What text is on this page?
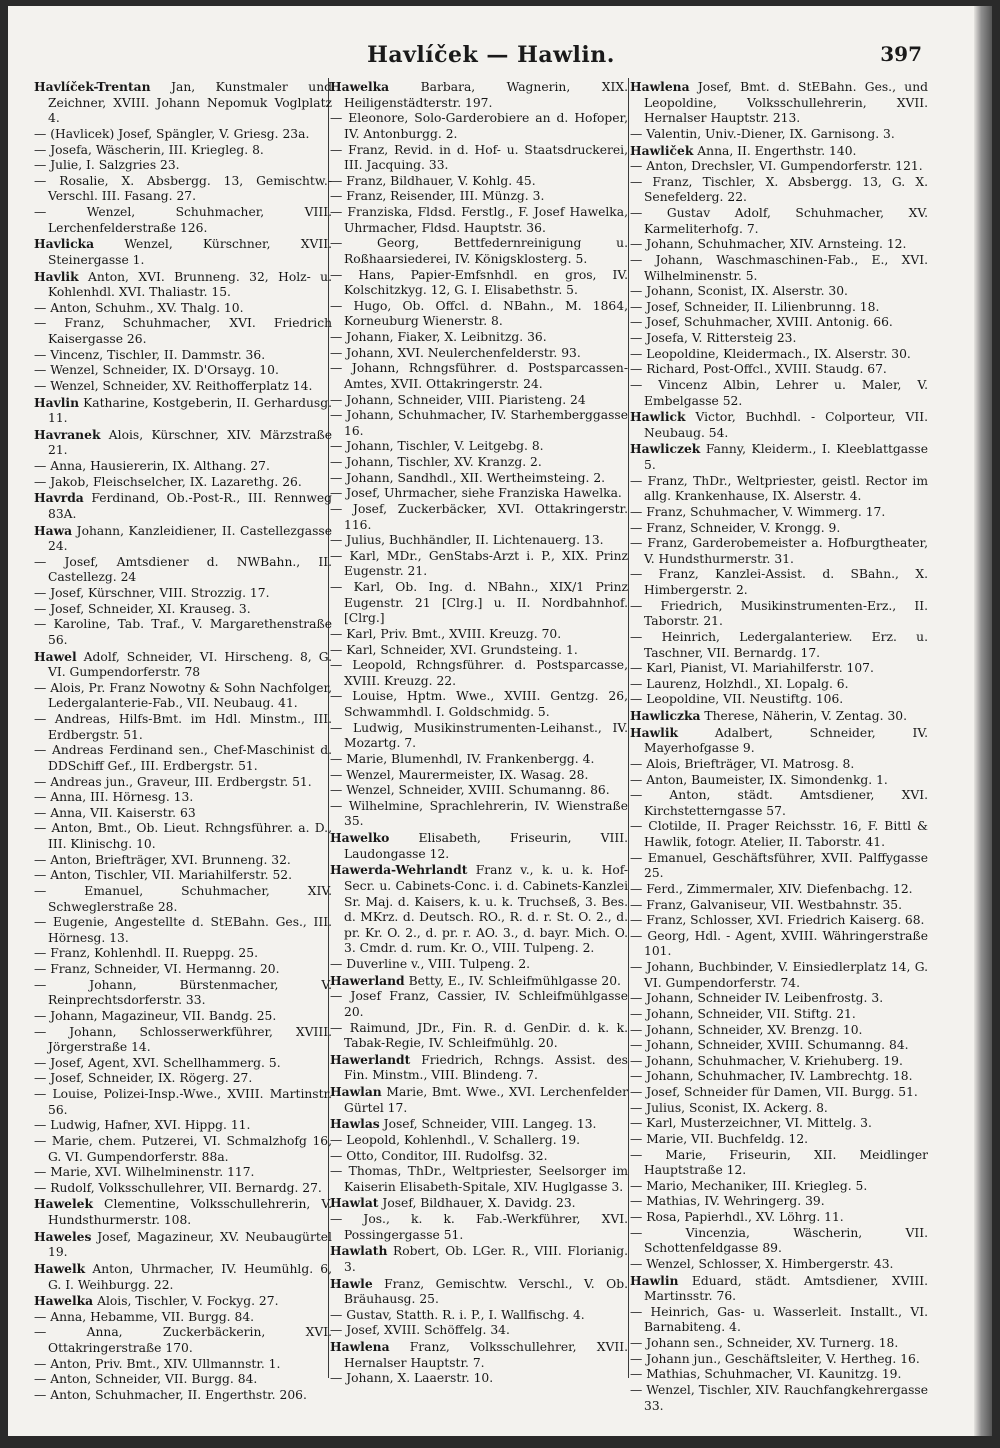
Havlíček — Hawlin.	397

Havlíček-Trentan Jan, Kunstmaler und Zeichner, XVIII. Johann Nepomuk Voglplatz 4.

— (Havlicek) Josef, Spängler, V. Griesg. 23a.

— Josefa, Wäscherin, III. Kriegleg. 8.

— Julie, I. Salzgries 23.

— Rosalie, X. Absbergg. 13, Gemischtw.-Verschl. III. Fasang. 27.

— Wenzel, Schuhmacher, VIII. Lerchenfelderstraße 126.

Havlicka Wenzel, Kürschner, XVII. Steinergasse 1.

Havlik Anton, XVI. Brunneng. 32, Holz- u. Kohlenhdl. XVI. Thaliastr. 15.

— Anton, Schuhm., XV. Thalg. 10.

— Franz, Schuhmacher, XVI. Friedrich Kaisergasse 26.

— Vincenz, Tischler, II. Dammstr. 36.

— Wenzel, Schneider, IX. D'Orsayg. 10.

— Wenzel, Schneider, XV. Reithofferplatz 14.

Havlin Katharine, Kostgeberin, II. Gerhardusg. 11.

Havranek Alois, Kürschner, XIV. Märzstraße 21.

— Anna, Hausiererin, IX. Althang. 27.

— Jakob, Fleischselcher, IX. Lazarethg. 26.

Havrda Ferdinand, Ob.-Post-R., III. Rennweg 83A.

Hawa Johann, Kanzleidiener, II. Castellezgasse 24.

— Josef, Amtsdiener d. NWBahn., II. Castellezg. 24

— Josef, Kürschner, VIII. Strozzig. 17.

— Josef, Schneider, XI. Krauseg. 3.

— Karoline, Tab. Traf., V. Margarethenstraße 56.

Hawel Adolf, Schneider, VI. Hirscheng. 8, G. VI. Gumpendorferstr. 78

— Alois, Pr. Franz Nowotny & Sohn Nachfolger, Ledergalanterie-Fab., VII. Neubaug. 41.

— Andreas, Hilfs-Bmt. im Hdl. Minstm., III. Erdbergstr. 51.

— Andreas Ferdinand sen., Chef-Maschinist d. DDSchiff Gef., III. Erdbergstr. 51.

— Andreas jun., Graveur, III. Erdbergstr. 51.

— Anna, III. Hörnesg. 13.

— Anna, VII. Kaiserstr. 63

— Anton, Bmt., Ob. Lieut. Rchngsführer. a. D., III. Klinischg. 10.

— Anton, Briefträger, XVI. Brunneng. 32.

— Anton, Tischler, VII. Mariahilferstr. 52.

— Emanuel, Schuhmacher, XIV. Schweglerstraße 28.

— Eugenie, Angestellte d. StEBahn. Ges., III. Hörnesg. 13.

— Franz, Kohlenhdl. II. Rueppg. 25.

— Franz, Schneider, VI. Hermanng. 20.

— Johann, Bürstenmacher, V. Reinprechtsdorferstr. 33.

— Johann, Magazineur, VII. Bandg. 25.

— Johann, Schlosserwerkführer, XVIII. Jörgerstraße 14.

— Josef, Agent, XVI. Schellhammerg. 5.

— Josef, Schneider, IX. Rögerg. 27.

— Louise, Polizei-Insp.-Wwe., XVIII. Martinstr. 56.

— Ludwig, Hafner, XVI. Hippg. 11.

— Marie, chem. Putzerei, VI. Schmalzhofg 16, G. VI. Gumpendorferstr. 88a.

— Marie, XVI. Wilhelminenstr. 117.

— Rudolf, Volksschullehrer, VII. Bernardg. 27.

Hawelek Clementine, Volksschullehrerin, V. Hundsthurmerstr. 108.

Haweles Josef, Magazineur, XV. Neubaugürtel 19.

Hawelk Anton, Uhrmacher, IV. Heumühlg. 6, G. I. Weihburgg. 22.

Hawelka Alois, Tischler, V. Fockyg. 27.

— Anna, Hebamme, VII. Burgg. 84.

— Anna, Zuckerbäckerin, XVI. Ottakringerstraße 170.

— Anton, Priv. Bmt., XIV. Ullmannstr. 1.

— Anton, Schneider, VII. Burgg. 84.

— Anton, Schuhmacher, II. Engerthstr. 206.

Hawelka Barbara, Wagnerin, XIX. Heiligenstädterstr. 197.

— Eleonore, Solo-Garderobiere an d. Hofoper, IV. Antonburgg. 2.

— Franz, Revid. in d. Hof- u. Staatsdruckerei, III. Jacquing. 33.

— Franz, Bildhauer, V. Kohlg. 45.

— Franz, Reisender, III. Münzg. 3.

— Franziska, Fldsd. Ferstlg., F. Josef Hawelka, Uhrmacher, Fldsd. Hauptstr. 36.

— Georg, Bettfedernreinigung u. Roßhaarsiederei, IV. Königsklosterg. 5.

— Hans, Papier-Emfsnhdl. en gros, IV. Kolschitzkyg. 12, G. I. Elisabethstr. 5.

— Hugo, Ob. Offcl. d. NBahn., M. 1864, Korneuburg Wienerstr. 8.

— Johann, Fiaker, X. Leibnitzg. 36.

— Johann, XVI. Neulerchenfelderstr. 93.

— Johann, Rchngsführer. d. Postsparcassen-Amtes, XVII. Ottakringerstr. 24.

— Johann, Schneider, VIII. Piaristeng. 24

— Johann, Schuhmacher, IV. Starhemberggasse 16.

— Johann, Tischler, V. Leitgebg. 8.

— Johann, Tischler, XV. Kranzg. 2.

— Johann, Sandhdl., XII. Wertheimsteing. 2.

— Josef, Uhrmacher, siehe Franziska Hawelka.

— Josef, Zuckerbäcker, XVI. Ottakringerstr. 116.

— Julius, Buchhändler, II. Lichtenauerg. 13.

— Karl, MDr., GenStabs-Arzt i. P., XIX. Prinz Eugenstr. 21.

— Karl, Ob. Ing. d. NBahn., XIX/1 Prinz Eugenstr. 21 [Clrg.] u. II. Nordbahnhof. [Clrg.]

— Karl, Priv. Bmt., XVIII. Kreuzg. 70.

— Karl, Schneider, XVI. Grundsteing. 1.

— Leopold, Rchngsführer. d. Postsparcasse, XVIII. Kreuzg. 22.

— Louise, Hptm. Wwe., XVIII. Gentzg. 26, Schwammhdl. I. Goldschmidg. 5.

— Ludwig, Musikinstrumenten-Leihanst., IV. Mozartg. 7.

— Marie, Blumenhdl, IV. Frankenbergg. 4.

— Wenzel, Maurermeister, IX. Wasag. 28.

— Wenzel, Schneider, XVIII. Schumanng. 86.

— Wilhelmine, Sprachlehrerin, IV. Wienstraße 35.

Hawelko Elisabeth, Friseurin, VIII. Laudongasse 12.

Hawerda-Wehrlandt Franz v., k. u. k. Hof-Secr. u. Cabinets-Conc. i. d. Cabinets-Kanzlei Sr. Maj. d. Kaisers, k. u. k. Truchseß, 3. Bes. d. MKrz. d. Deutsch. RO., R. d. r. St. O. 2., d. pr. Kr. O. 2., d. pr. r. AO. 3., d. bayr. Mich. O. 3. Cmdr. d. rum. Kr. O., VIII. Tulpeng. 2.

— Duverline v., VIII. Tulpeng. 2.

Hawerland Betty, E., IV. Schleifmühlgasse 20.

— Josef Franz, Cassier, IV. Schleifmühlgasse 20.

— Raimund, JDr., Fin. R. d. GenDir. d. k. k. Tabak-Regie, IV. Schleifmühlg. 20.

Hawerlandt Friedrich, Rchngs. Assist. des Fin. Minstm., VIII. Blindeng. 7.

Hawlan Marie, Bmt. Wwe., XVI. Lerchenfelder Gürtel 17.

Hawlas Josef, Schneider, VIII. Langeg. 13.

— Leopold, Kohlenhdl., V. Schallerg. 19.

— Otto, Conditor, III. Rudolfsg. 32.

— Thomas, ThDr., Weltpriester, Seelsorger im Kaiserin Elisabeth-Spitale, XIV. Huglgasse 3.

Hawlat Josef, Bildhauer, X. Davidg. 23.

— Jos., k. k. Fab.-Werkführer, XVI. Possingergasse 51.

Hawlath Robert, Ob. LGer. R., VIII. Florianig. 3.

Hawle Franz, Gemischtw. Verschl., V. Ob. Bräuhausg. 25.

— Gustav, Statth. R. i. P., I. Wallfischg. 4.

— Josef, XVIII. Schöffelg. 34.

Hawlena Franz, Volksschullehrer, XVII. Hernalser Hauptstr. 7.

— Johann, X. Laaerstr. 10.

Hawlena Josef, Bmt. d. StEBahn. Ges., und Leopoldine, Volksschullehrerin, XVII. Hernalser Hauptstr. 213.

— Valentin, Univ.-Diener, IX. Garnisong. 3.

Hawliček Anna, II. Engerthstr. 140.

— Anton, Drechsler, VI. Gumpendorferstr. 121.

— Franz, Tischler, X. Absbergg. 13, G. X. Senefelderg. 22.

— Gustav Adolf, Schuhmacher, XV. Karmeliterhofg. 7.

— Johann, Schuhmacher, XIV. Arnsteing. 12.

— Johann, Waschmaschinen-Fab., E., XVI. Wilhelminenstr. 5.

— Johann, Sconist, IX. Alserstr. 30.

— Josef, Schneider, II. Lilienbrunng. 18.

— Josef, Schuhmacher, XVIII. Antonig. 66.

— Josefa, V. Rittersteig 23.

— Leopoldine, Kleidermach., IX. Alserstr. 30.

— Richard, Post-Offcl., XVIII. Staudg. 67.

— Vincenz Albin, Lehrer u. Maler, V. Embelgasse 52.

Hawlick Victor, Buchhdl. - Colporteur, VII. Neubaug. 54.

Hawliczek Fanny, Kleiderm., I. Kleeblattgasse 5.

— Franz, ThDr., Weltpriester, geistl. Rector im allg. Krankenhause, IX. Alserstr. 4.

— Franz, Schuhmacher, V. Wimmerg. 17.

— Franz, Schneider, V. Krongg. 9.

— Franz, Garderobemeister a. Hofburgtheater, V. Hundsthurmerstr. 31.

— Franz, Kanzlei-Assist. d. SBahn., X. Himbergerstr. 2.

— Friedrich, Musikinstrumenten-Erz., II. Taborstr. 21.

— Heinrich, Ledergalanteriew. Erz. u. Taschner, VII. Bernardg. 17.

— Karl, Pianist, VI. Mariahilferstr. 107.

— Laurenz, Holzhdl., XI. Lopalg. 6.

— Leopoldine, VII. Neustiftg. 106.

Hawliczka Therese, Näherin, V. Zentag. 30.

Hawlik Adalbert, Schneider, IV. Mayerhofgasse 9.

— Alois, Briefträger, VI. Matrosg. 8.

— Anton, Baumeister, IX. Simondenkg. 1.

— Anton, städt. Amtsdiener, XVI. Kirchstetterngasse 57.

— Clotilde, II. Prager Reichsstr. 16, F. Bittl & Hawlik, fotogr. Atelier, II. Taborstr. 41.

— Emanuel, Geschäftsführer, XVII. Palffygasse 25.

— Ferd., Zimmermaler, XIV. Diefenbachg. 12.

— Franz, Galvaniseur, VII. Westbahnstr. 35.

— Franz, Schlosser, XVI. Friedrich Kaiserg. 68.

— Georg, Hdl. - Agent, XVIII. Währingerstraße 101.

— Johann, Buchbinder, V. Einsiedlerplatz 14, G. VI. Gumpendorferstr. 74.

— Johann, Schneider IV. Leibenfrostg. 3.

— Johann, Schneider, VII. Stiftg. 21.

— Johann, Schneider, XV. Brenzg. 10.

— Johann, Schneider, XVIII. Schumanng. 84.

— Johann, Schuhmacher, V. Kriehuberg. 19.

— Johann, Schuhmacher, IV. Lambrechtg. 18.

— Josef, Schneider für Damen, VII. Burgg. 51.

— Julius, Sconist, IX. Ackerg. 8.

— Karl, Musterzeichner, VI. Mittelg. 3.

— Marie, VII. Buchfeldg. 12.

— Marie, Friseurin, XII. Meidlinger Hauptstraße 12.

— Mario, Mechaniker, III. Kriegleg. 5.

— Mathias, IV. Wehringerg. 39.

— Rosa, Papierhdl., XV. Löhrg. 11.

— Vincenzia, Wäscherin, VII. Schottenfeldgasse 89.

— Wenzel, Schlosser, X. Himbergerstr. 43.

Hawlin Eduard, städt. Amtsdiener, XVIII. Martinsstr. 76.

— Heinrich, Gas- u. Wasserleit. Installt., VI. Barnabiteng. 4.

— Johann sen., Schneider, XV. Turnerg. 18.

— Johann jun., Geschäftsleiter, V. Hertheg. 16.

— Mathias, Schuhmacher, VI. Kaunitzg. 19.

— Wenzel, Tischler, XIV. Rauchfangkehrergasse 33.
